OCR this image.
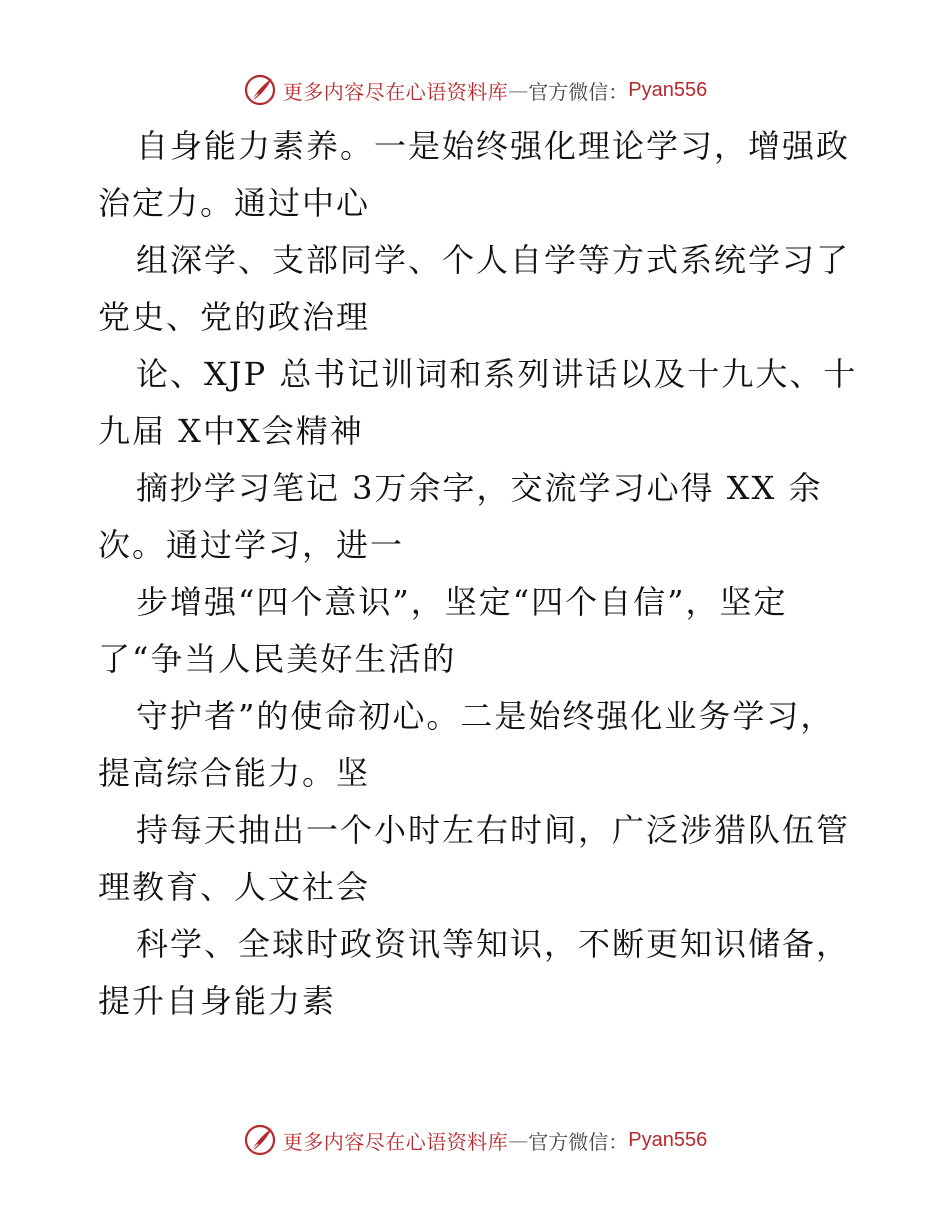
更多内容尽在心语资料库 — 官方微信： Pyan556
自身能力素养。一是始终强化理论学习，增强政
治定力。通过中心
组深学、支部同学、个人自学等方式系统学习了
党史、党的政治理
论、XJP 总书记训词和系列讲话以及十九大、十
九届 X中X会精神
摘抄学习笔记 3万余字，交流学习心得 XX 余
次。通过学习，进一
步增强“四个意识”，坚定“四个自信”，坚定
了“争当人民美好生活的
守护者”的使命初心。二是始终强化业务学习，
提高综合能力。坚
持每天抽出一个小时左右时间，广泛涉猎队伍管
理教育、人文社会
科学、全球时政资讯等知识，不断更知识储备，
提升自身能力素
更多内容尽在心语资料库 — 官方微信： Pyan556
